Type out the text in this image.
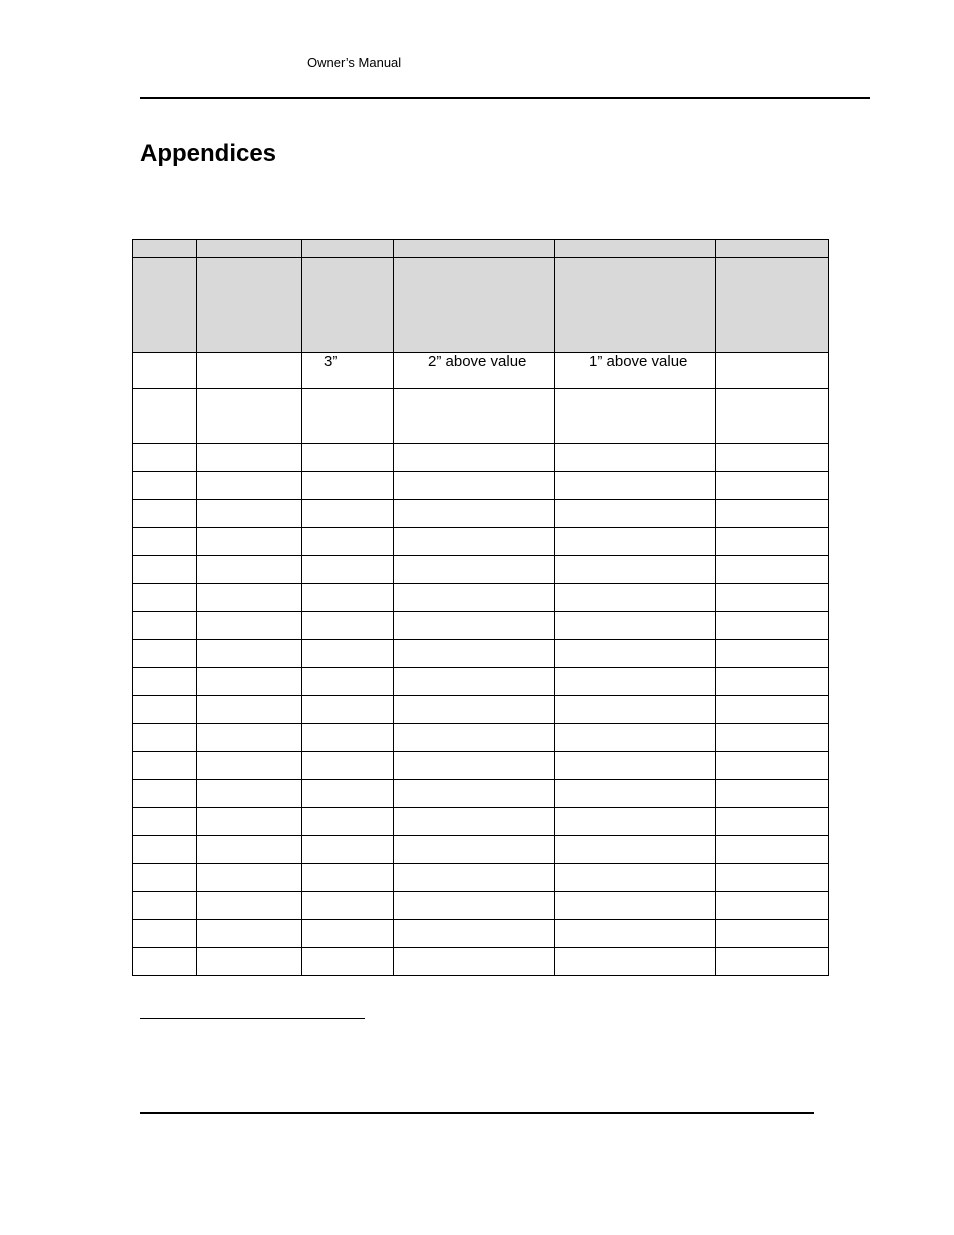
Owner’s Manual
Appendices

		3”	2” above value	1” above value	
